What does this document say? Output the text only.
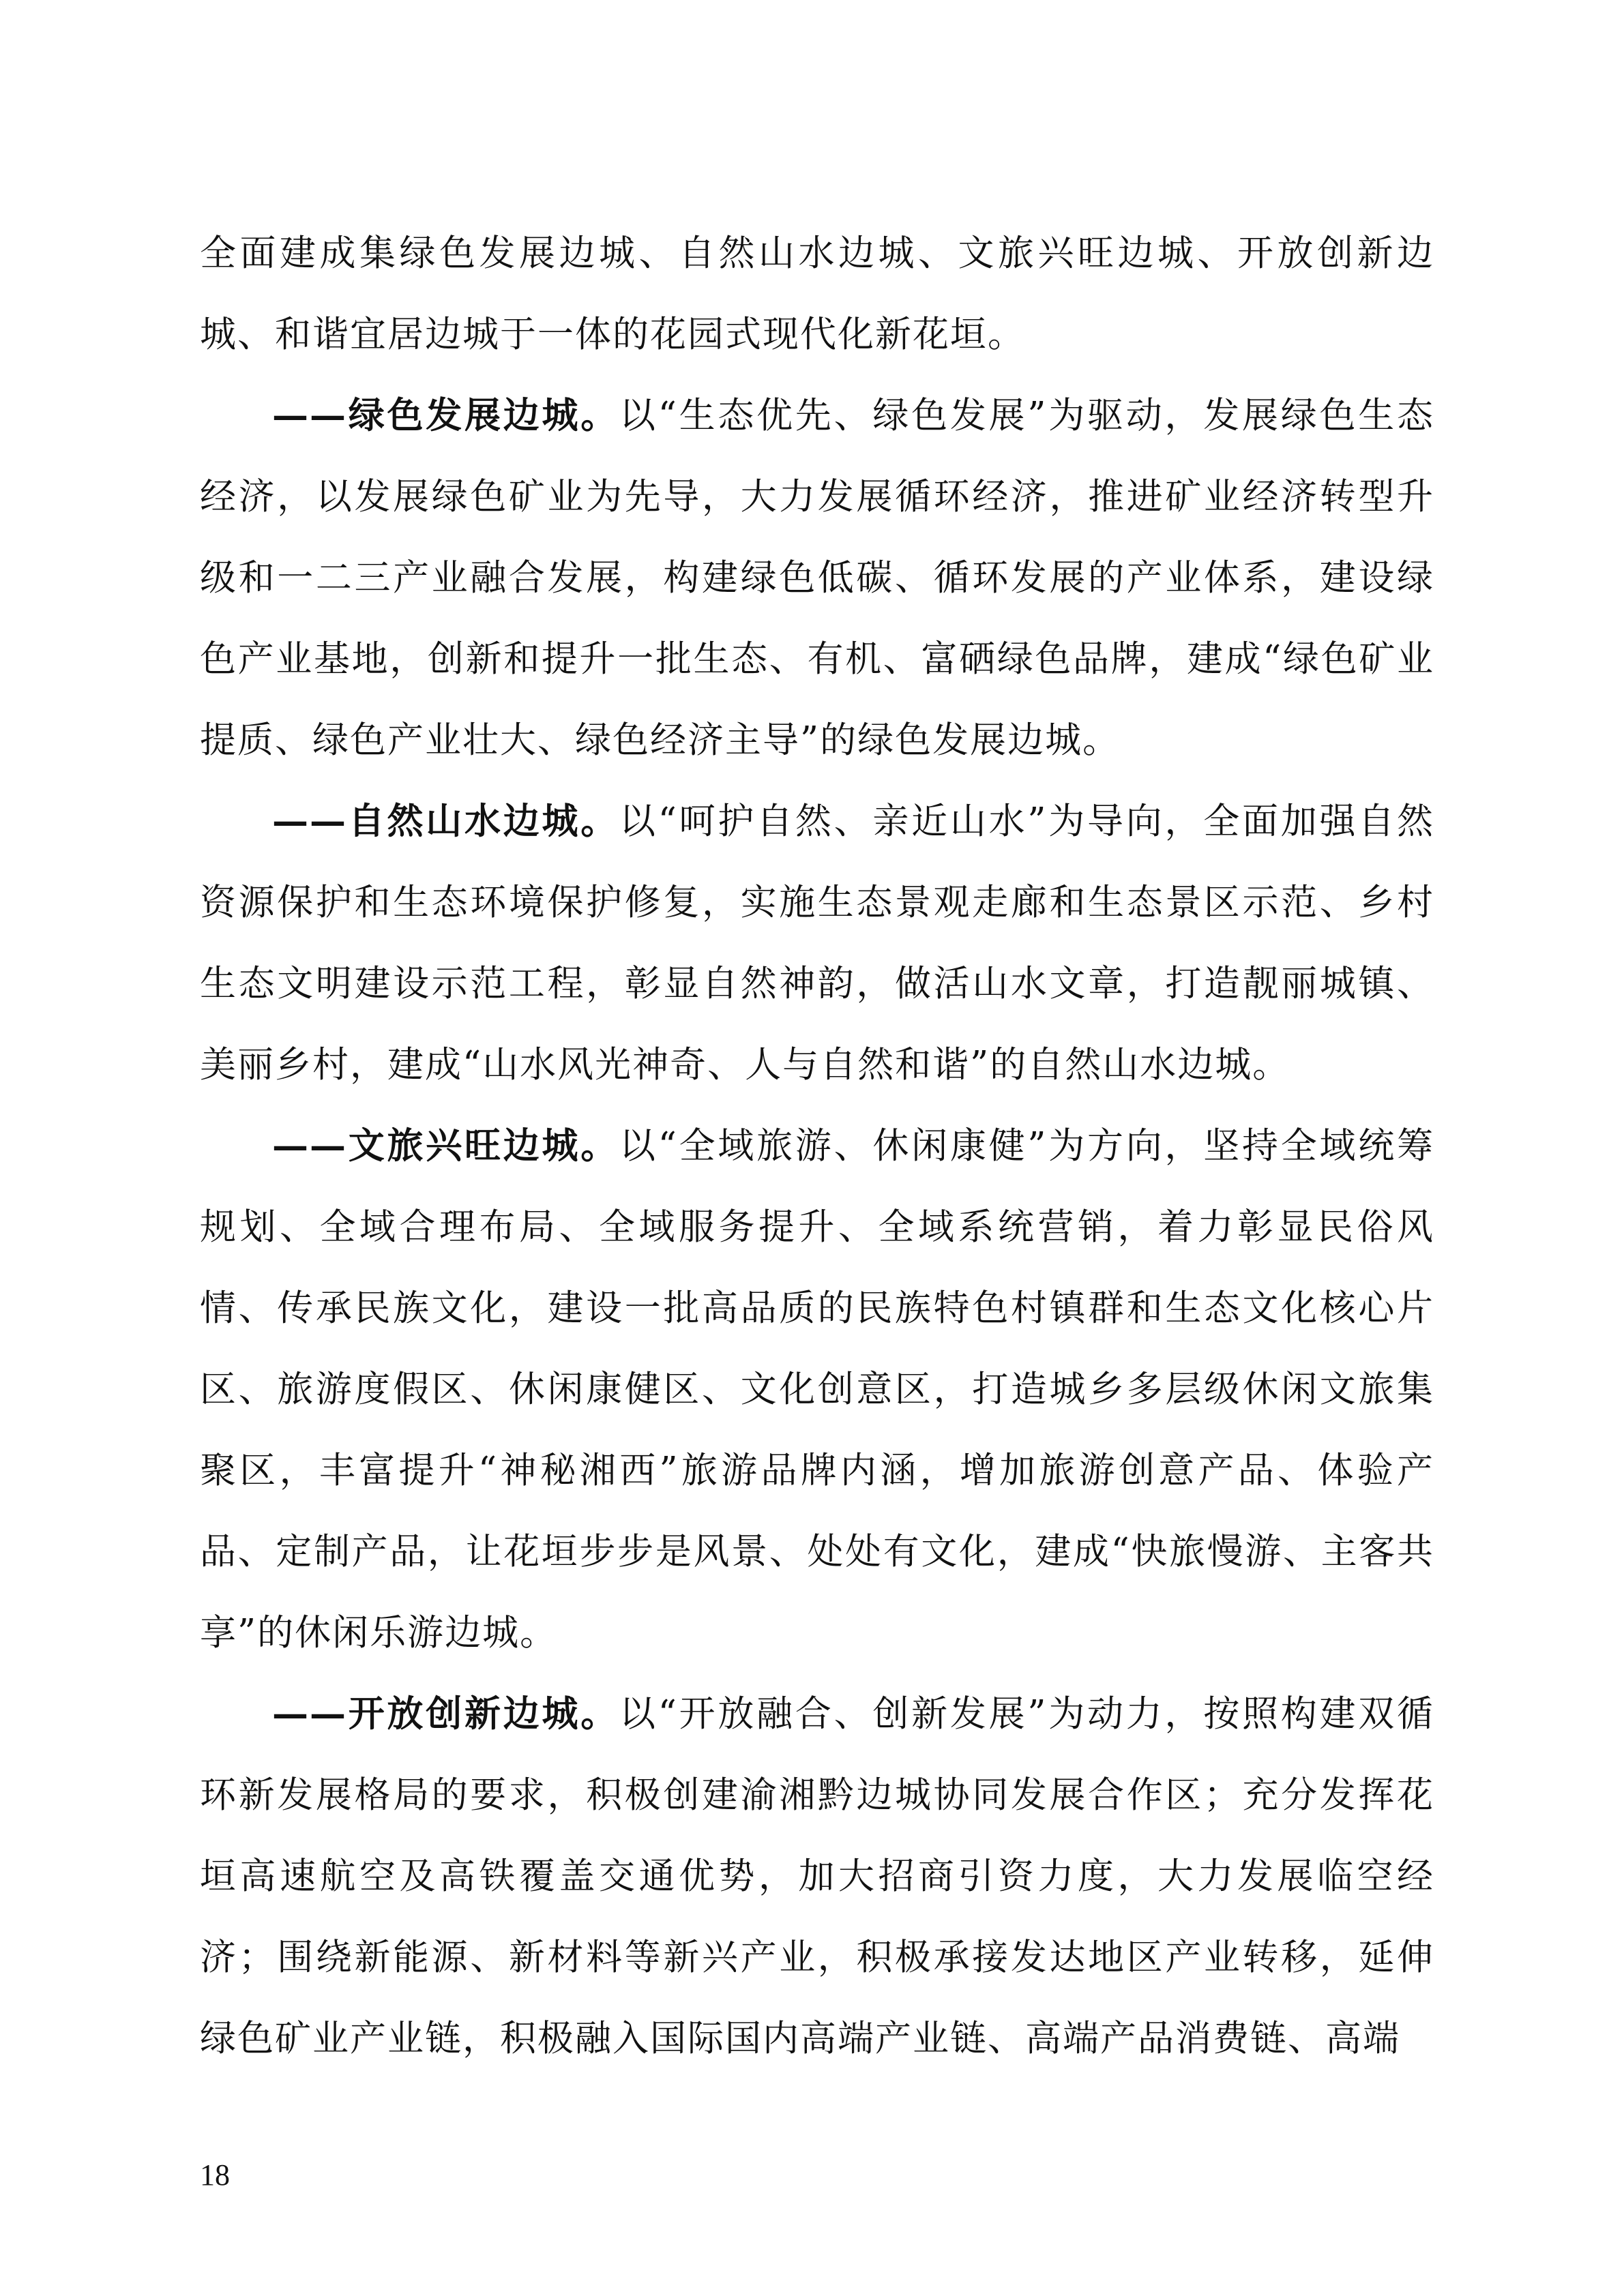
全面建成集绿色发展边城、自然山水边城、文旅兴旺边城、开放创新边城、和谐宜居边城于一体的花园式现代化新花垣。

——绿色发展边城。以“生态优先、绿色发展”为驱动，发展绿色生态经济，以发展绿色矿业为先导，大力发展循环经济，推进矿业经济转型升级和一二三产业融合发展，构建绿色低碳、循环发展的产业体系，建设绿色产业基地，创新和提升一批生态、有机、富硒绿色品牌，建成“绿色矿业提质、绿色产业壮大、绿色经济主导”的绿色发展边城。

——自然山水边城。以“呵护自然、亲近山水”为导向，全面加强自然资源保护和生态环境保护修复，实施生态景观走廊和生态景区示范、乡村生态文明建设示范工程，彰显自然神韵，做活山水文章，打造靓丽城镇、美丽乡村，建成“山水风光神奇、人与自然和谐”的自然山水边城。

——文旅兴旺边城。以“全域旅游、休闲康健”为方向，坚持全域统筹规划、全域合理布局、全域服务提升、全域系统营销，着力彰显民俗风情、传承民族文化，建设一批高品质的民族特色村镇群和生态文化核心片区、旅游度假区、休闲康健区、文化创意区，打造城乡多层级休闲文旅集聚区，丰富提升“神秘湘西”旅游品牌内涵，增加旅游创意产品、体验产品、定制产品，让花垣步步是风景、处处有文化，建成“快旅慢游、主客共享”的休闲乐游边城。

——开放创新边城。以“开放融合、创新发展”为动力，按照构建双循环新发展格局的要求，积极创建渝湘黔边城协同发展合作区；充分发挥花垣高速航空及高铁覆盖交通优势，加大招商引资力度，大力发展临空经济；围绕新能源、新材料等新兴产业，积极承接发达地区产业转移，延伸绿色矿业产业链，积极融入国际国内高端产业链、高端产品消费链、高端

18
